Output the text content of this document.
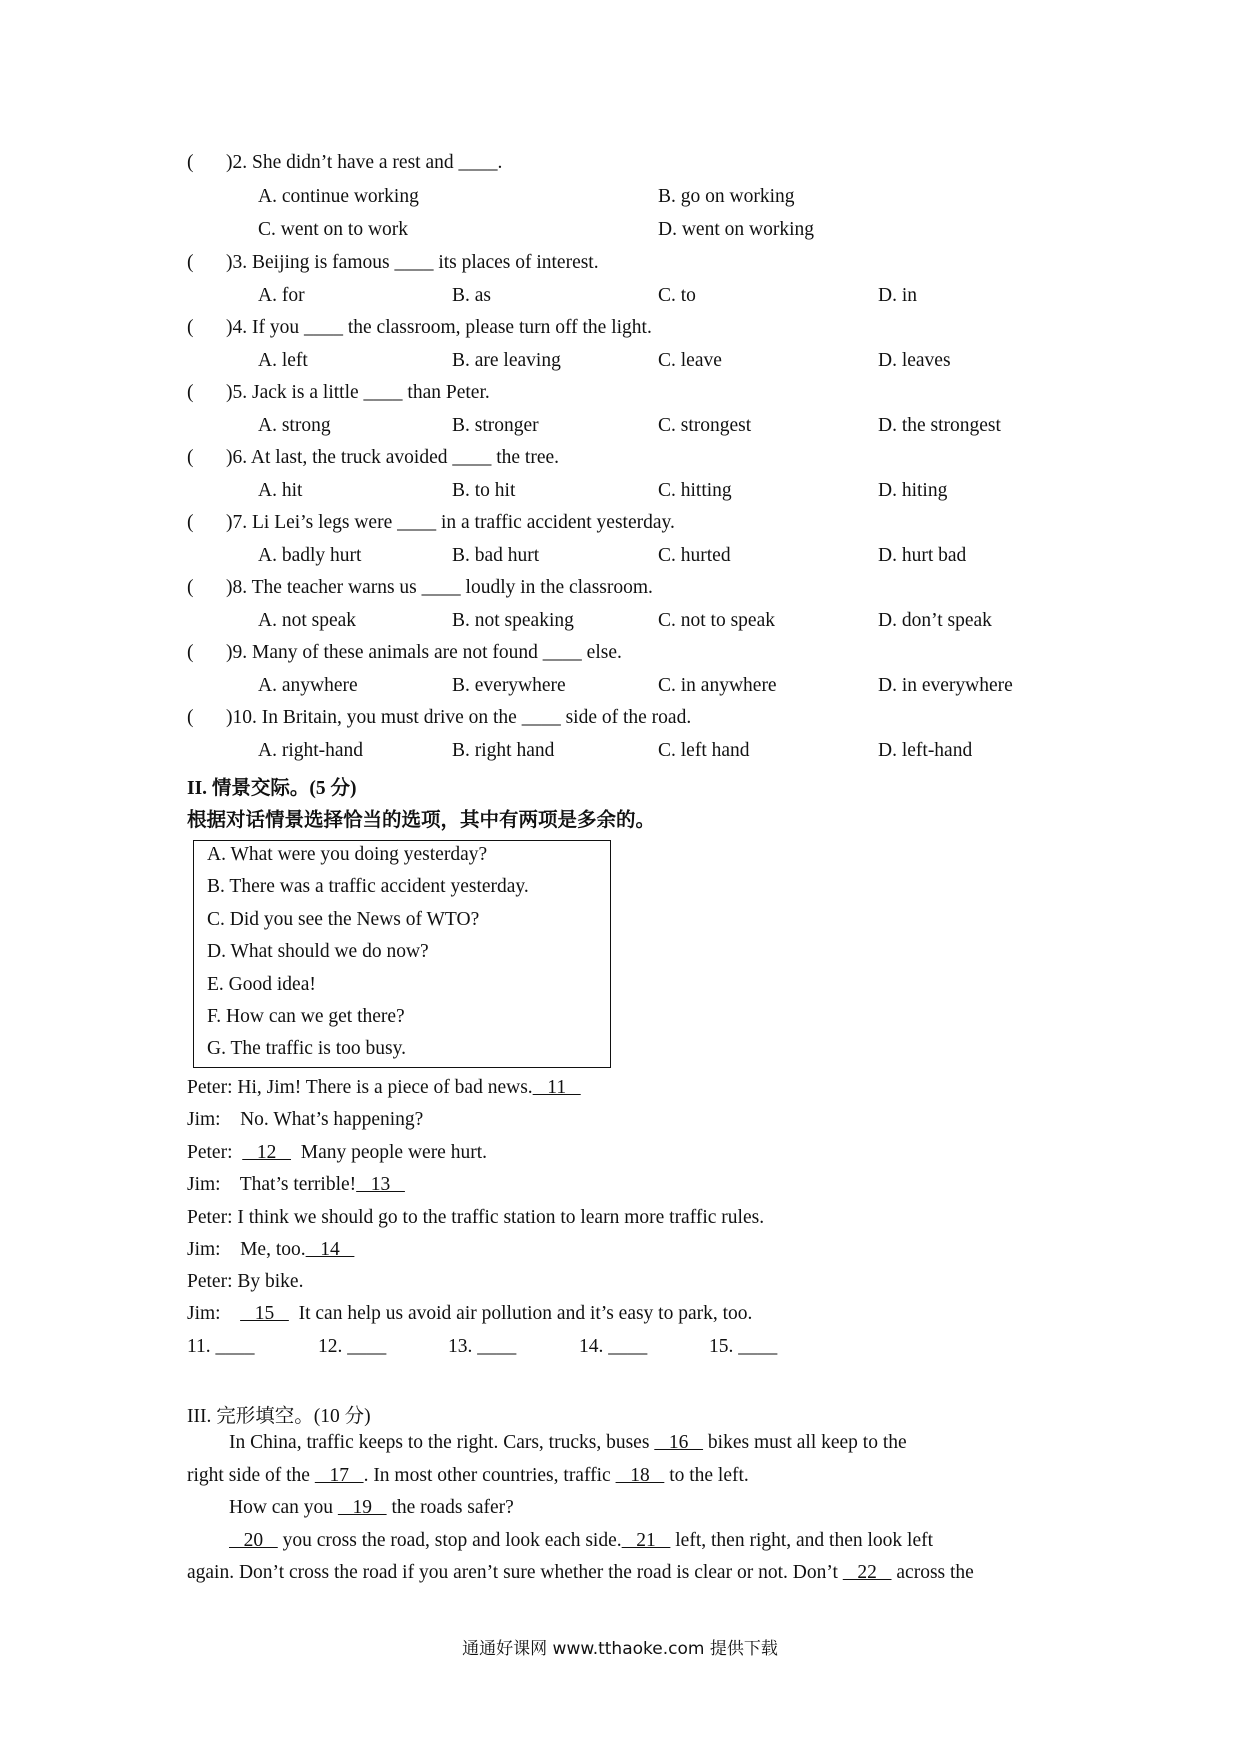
( )2. She didn’t have a rest and ____.
A. continue working	B. go on working
C. went on to work	D. went on working
( )3. Beijing is famous ____ its places of interest.
A. for	B. as	C. to	D. in
( )4. If you ____ the classroom, please turn off the light.
A. left	B. are leaving	C. leave	D. leaves
( )5. Jack is a little ____ than Peter.
A. strong	B. stronger	C. strongest	D. the strongest
( )6. At last, the truck avoided ____ the tree.
A. hit	B. to hit	C. hitting	D. hiting
( )7. Li Lei’s legs were ____ in a traffic accident yesterday.
A. badly hurt	B. bad hurt	C. hurted	D. hurt bad
( )8. The teacher warns us ____ loudly in the classroom.
A. not speak	B. not speaking	C. not to speak	D. don’t speak
( )9. Many of these animals are not found ____ else.
A. anywhere	B. everywhere	C. in anywhere	D. in everywhere
( )10. In Britain, you must drive on the ____ side of the road.
A. right-hand	B. right hand	C. left hand	D. left-hand
II. 情景交际。(5 分)
根据对话情景选择恰当的选项，其中有两项是多余的。
A. What were you doing yesterday?
B. There was a traffic accident yesterday.
C. Did you see the News of WTO?
D. What should we do now?
E. Good idea!
F. How can we get there?
G. The traffic is too busy.
Peter: Hi, Jim! There is a piece of bad news.   11
Jim:    No. What’s happening?
Peter:     12     Many people were hurt.
Jim:    That’s terrible!   13
Peter: I think we should go to the traffic station to learn more traffic rules.
Jim:    Me, too.   14
Peter: By bike.
Jim:       15     It can help us avoid air pollution and it’s easy to park, too.
11. ____	12. ____	13. ____	14. ____	15. ____
III. 完形填空。(10 分)
In China, traffic keeps to the right. Cars, trucks, buses    16    bikes must all keep to the
right side of the    17   . In most other countries, traffic    18    to the left.
How can you    19    the roads safer?
20    you cross the road, stop and look each side.   21    left, then right, and then look left
again. Don’t cross the road if you aren’t sure whether the road is clear or not. Don’t    22    across the
通通好课网 www.tthaoke.com 提供下载
